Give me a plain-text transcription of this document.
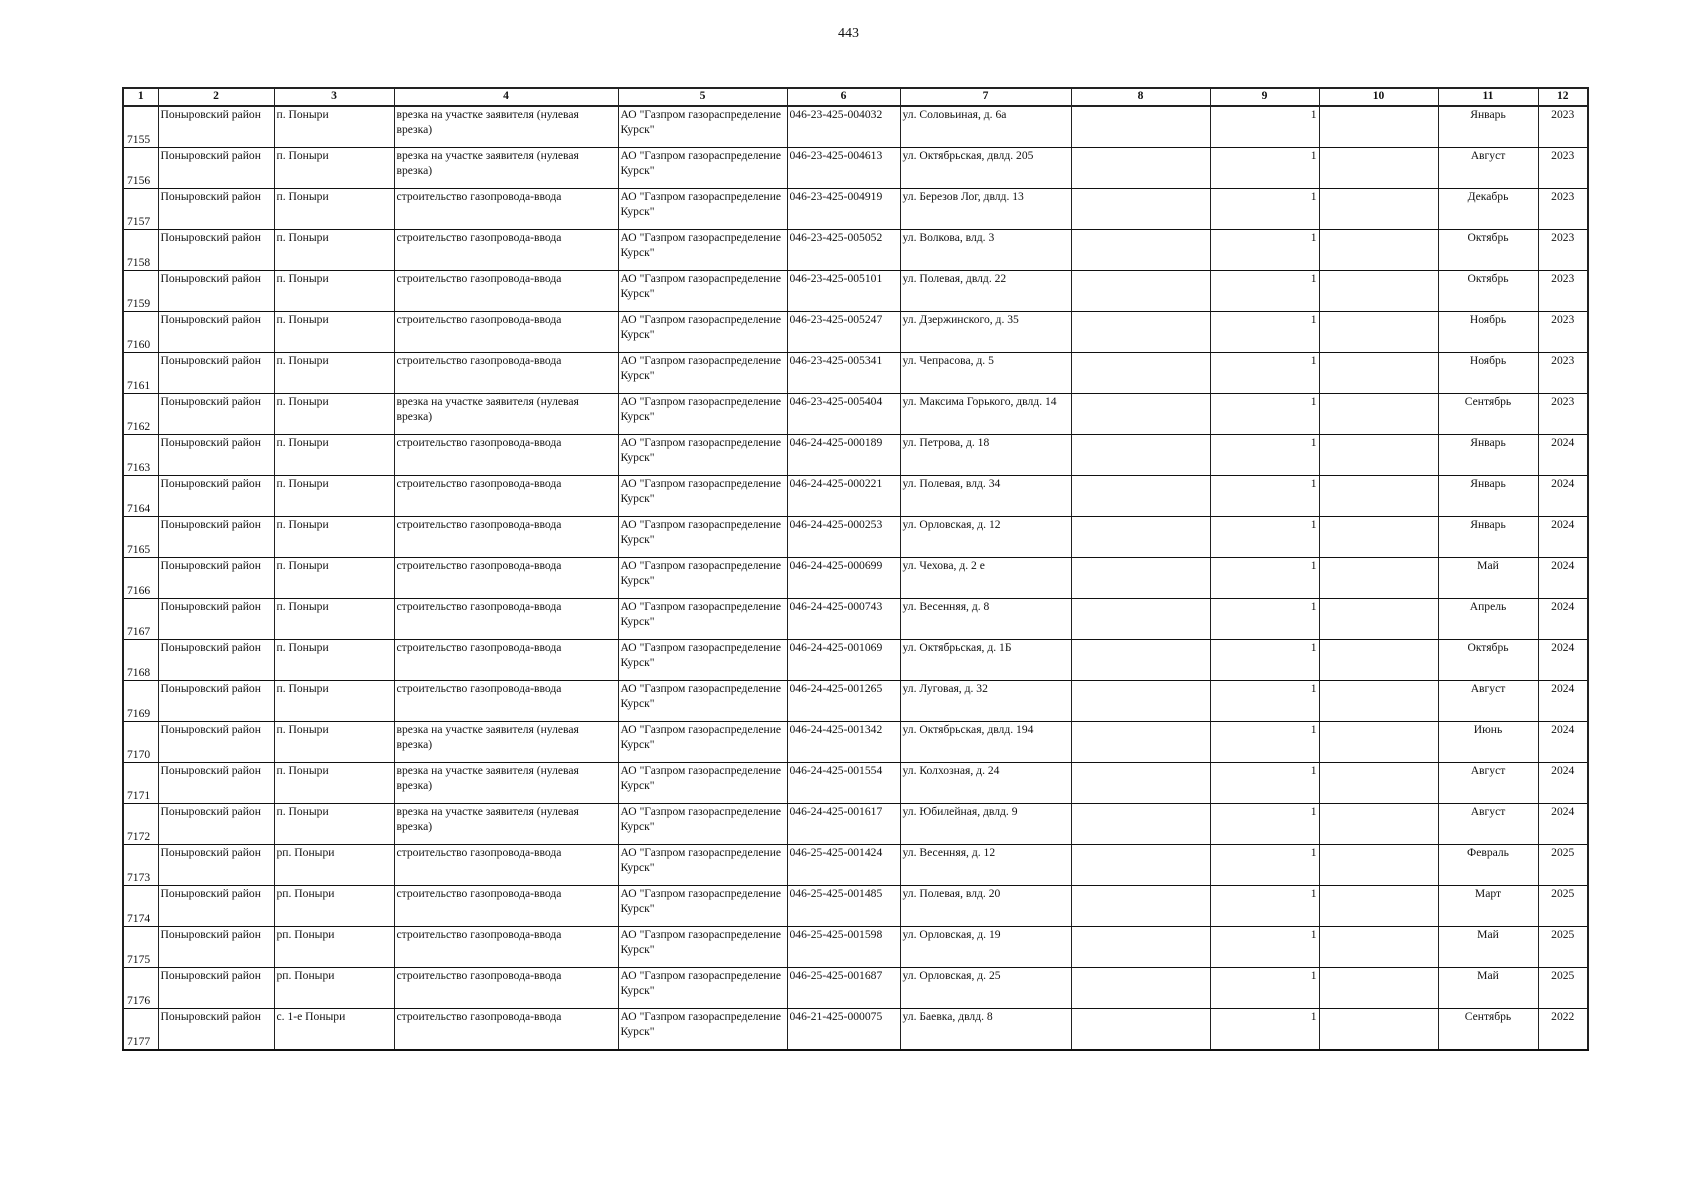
443
1	2	3	4	5	6	7	8	9	10	11	12
7155	Поныровский район	п. Поныри	врезка на участке заявителя (нулевая врезка)	АО "Газпром газораспределение Курск"	046-23-425-004032	ул. Соловьиная, д. 6а		1		Январь	2023
7156	Поныровский район	п. Поныри	врезка на участке заявителя (нулевая врезка)	АО "Газпром газораспределение Курск"	046-23-425-004613	ул. Октябрьская, двлд. 205		1		Август	2023
7157	Поныровский район	п. Поныри	строительство газопровода-ввода	АО "Газпром газораспределение Курск"	046-23-425-004919	ул. Березов Лог, двлд. 13		1		Декабрь	2023
7158	Поныровский район	п. Поныри	строительство газопровода-ввода	АО "Газпром газораспределение Курск"	046-23-425-005052	ул. Волкова, влд. 3		1		Октябрь	2023
7159	Поныровский район	п. Поныри	строительство газопровода-ввода	АО "Газпром газораспределение Курск"	046-23-425-005101	ул. Полевая, двлд. 22		1		Октябрь	2023
7160	Поныровский район	п. Поныри	строительство газопровода-ввода	АО "Газпром газораспределение Курск"	046-23-425-005247	ул. Дзержинского, д. 35		1		Ноябрь	2023
7161	Поныровский район	п. Поныри	строительство газопровода-ввода	АО "Газпром газораспределение Курск"	046-23-425-005341	ул. Чепрасова, д. 5		1		Ноябрь	2023
7162	Поныровский район	п. Поныри	врезка на участке заявителя (нулевая врезка)	АО "Газпром газораспределение Курск"	046-23-425-005404	ул. Максима Горького, двлд. 14		1		Сентябрь	2023
7163	Поныровский район	п. Поныри	строительство газопровода-ввода	АО "Газпром газораспределение Курск"	046-24-425-000189	ул. Петрова, д. 18		1		Январь	2024
7164	Поныровский район	п. Поныри	строительство газопровода-ввода	АО "Газпром газораспределение Курск"	046-24-425-000221	ул. Полевая, влд. 34		1		Январь	2024
7165	Поныровский район	п. Поныри	строительство газопровода-ввода	АО "Газпром газораспределение Курск"	046-24-425-000253	ул. Орловская, д. 12		1		Январь	2024
7166	Поныровский район	п. Поныри	строительство газопровода-ввода	АО "Газпром газораспределение Курск"	046-24-425-000699	ул. Чехова, д. 2 е		1		Май	2024
7167	Поныровский район	п. Поныри	строительство газопровода-ввода	АО "Газпром газораспределение Курск"	046-24-425-000743	ул. Весенняя, д. 8		1		Апрель	2024
7168	Поныровский район	п. Поныри	строительство газопровода-ввода	АО "Газпром газораспределение Курск"	046-24-425-001069	ул. Октябрьская, д. 1Б		1		Октябрь	2024
7169	Поныровский район	п. Поныри	строительство газопровода-ввода	АО "Газпром газораспределение Курск"	046-24-425-001265	ул. Луговая, д. 32		1		Август	2024
7170	Поныровский район	п. Поныри	врезка на участке заявителя (нулевая врезка)	АО "Газпром газораспределение Курск"	046-24-425-001342	ул. Октябрьская, двлд. 194		1		Июнь	2024
7171	Поныровский район	п. Поныри	врезка на участке заявителя (нулевая врезка)	АО "Газпром газораспределение Курск"	046-24-425-001554	ул. Колхозная, д. 24		1		Август	2024
7172	Поныровский район	п. Поныри	врезка на участке заявителя (нулевая врезка)	АО "Газпром газораспределение Курск"	046-24-425-001617	ул. Юбилейная, двлд. 9		1		Август	2024
7173	Поныровский район	рп. Поныри	строительство газопровода-ввода	АО "Газпром газораспределение Курск"	046-25-425-001424	ул. Весенняя, д. 12		1		Февраль	2025
7174	Поныровский район	рп. Поныри	строительство газопровода-ввода	АО "Газпром газораспределение Курск"	046-25-425-001485	ул. Полевая, влд. 20		1		Март	2025
7175	Поныровский район	рп. Поныри	строительство газопровода-ввода	АО "Газпром газораспределение Курск"	046-25-425-001598	ул. Орловская, д. 19		1		Май	2025
7176	Поныровский район	рп. Поныри	строительство газопровода-ввода	АО "Газпром газораспределение Курск"	046-25-425-001687	ул. Орловская, д. 25		1		Май	2025
7177	Поныровский район	с. 1-е Поныри	строительство газопровода-ввода	АО "Газпром газораспределение Курск"	046-21-425-000075	ул. Баевка, двлд. 8		1		Сентябрь	2022
